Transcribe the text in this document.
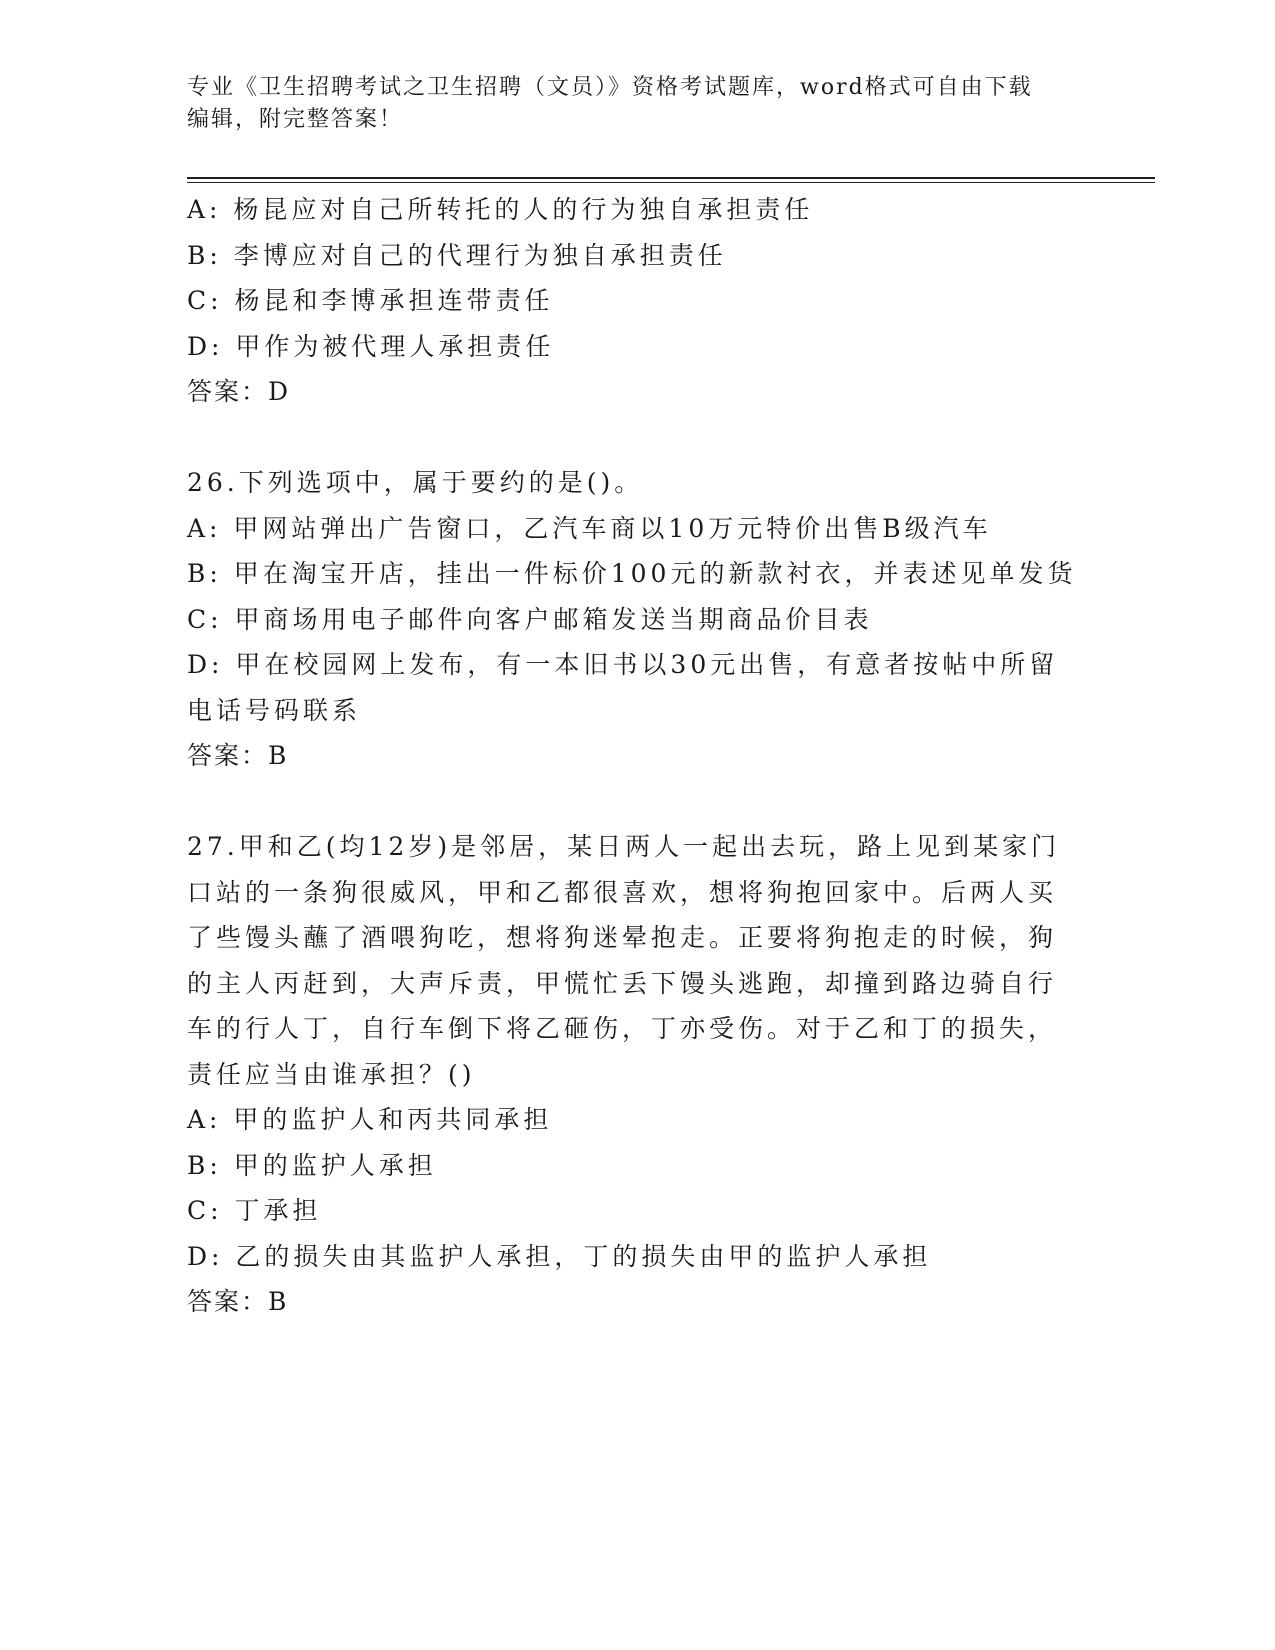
专业《卫生招聘考试之卫生招聘（文员）》资格考试题库，word格式可自由下载
编辑，附完整答案！
A: 杨昆应对自己所转托的人的行为独自承担责任
B: 李博应对自己的代理行为独自承担责任
C: 杨昆和李博承担连带责任
D: 甲作为被代理人承担责任
答案：D
26.下列选项中，属于要约的是()。
A: 甲网站弹出广告窗口，乙汽车商以10万元特价出售B级汽车
B: 甲在淘宝开店，挂出一件标价100元的新款衬衣，并表述见单发货
C: 甲商场用电子邮件向客户邮箱发送当期商品价目表
D: 甲在校园网上发布，有一本旧书以30元出售，有意者按帖中所留
电话号码联系
答案：B
27.甲和乙(均12岁)是邻居，某日两人一起出去玩，路上见到某家门
口站的一条狗很威风，甲和乙都很喜欢，想将狗抱回家中。后两人买
了些馒头蘸了酒喂狗吃，想将狗迷晕抱走。正要将狗抱走的时候，狗
的主人丙赶到，大声斥责，甲慌忙丢下馒头逃跑，却撞到路边骑自行
车的行人丁，自行车倒下将乙砸伤，丁亦受伤。对于乙和丁的损失，
责任应当由谁承担？()
A: 甲的监护人和丙共同承担
B: 甲的监护人承担
C: 丁承担
D: 乙的损失由其监护人承担，丁的损失由甲的监护人承担
答案：B
